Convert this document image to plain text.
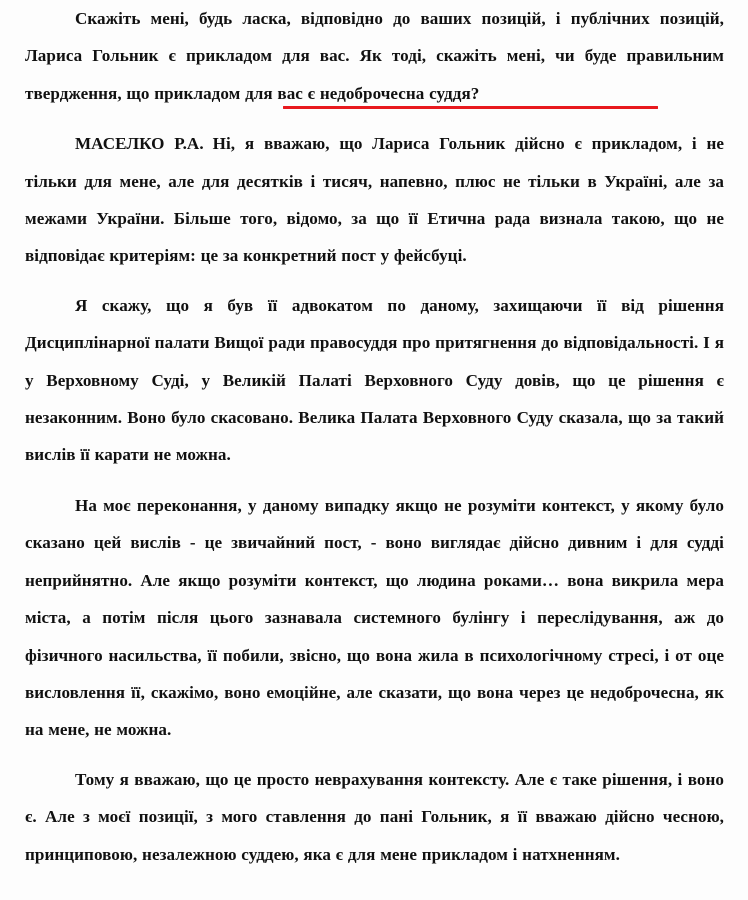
Скажіть мені, будь ласка, відповідно до ваших позицій, і публічних позицій, Лариса Гольник є прикладом для вас. Як тоді, скажіть мені, чи буде правильним твердження, що прикладом для вас є недоброчесна суддя?

МАСЕЛКО Р.А. Ні, я вважаю, що Лариса Гольник дійсно є прикладом, і не тільки для мене, але для десятків і тисяч, напевно, плюс не тільки в Україні, але за межами України. Більше того, відомо, за що її Етична рада визнала такою, що не відповідає критеріям: це за конкретний пост у фейсбуці.

Я скажу, що я був її адвокатом по даному, захищаючи її від рішення Дисциплінарної палати Вищої ради правосуддя про притягнення до відповідальності. І я у Верховному Суді, у Великій Палаті Верховного Суду довів, що це рішення є незаконним. Воно було скасовано. Велика Палата Верховного Суду сказала, що за такий вислів її карати не можна.

На моє переконання, у даному випадку якщо не розуміти контекст, у якому було сказано цей вислів - це звичайний пост, - воно виглядає дійсно дивним і для судді неприйнятно. Але якщо розуміти контекст, що людина роками… вона викрила мера міста, а потім після цього зазнавала системного булінгу і переслідування, аж до фізичного насильства, її побили, звісно, що вона жила в психологічному стресі, і от оце висловлення її, скажімо, воно емоційне, але сказати, що вона через це недоброчесна, як на мене, не можна.

Тому я вважаю, що це просто неврахування контексту. Але є таке рішення, і воно є. Але з моєї позиції, з мого ставлення до пані Гольник, я її вважаю дійсно чесною, принциповою, незалежною суддею, яка є для мене прикладом і натхненням.
